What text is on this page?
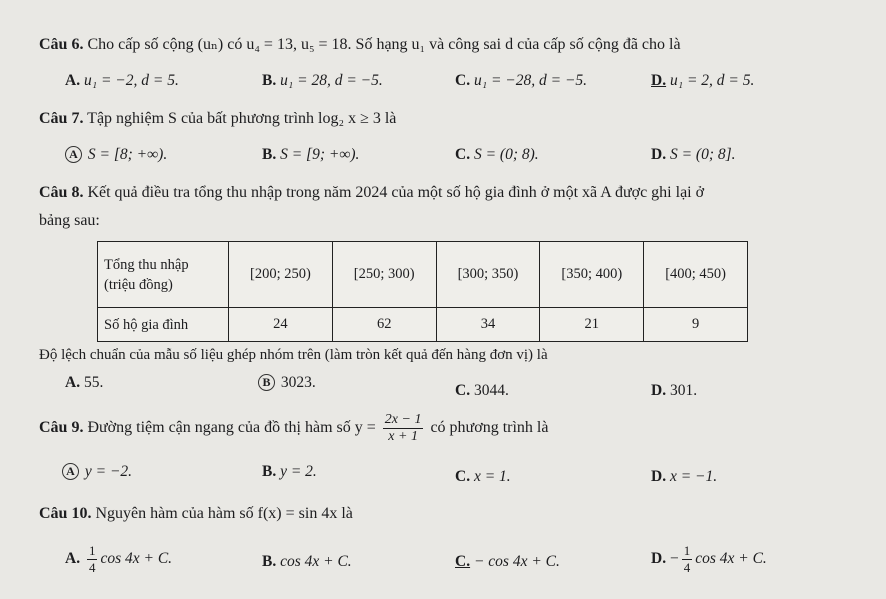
Câu 6. Cho cấp số cộng (uₙ) có u₄ = 13, u₅ = 18. Số hạng u₁ và công sai d của cấp số cộng đã cho là
A. u₁ = −2, d = 5.	B. u₁ = 28, d = −5.	C. u₁ = −28, d = −5.	D. u₁ = 2, d = 5.
Câu 7. Tập nghiệm S của bất phương trình log₂ x ≥ 3 là
A S = [8; +∞).	B. S = [9; +∞).	C. S = (0; 8).	D. S = (0; 8].
Câu 8. Kết quả điều tra tổng thu nhập trong năm 2024 của một số hộ gia đình ở một xã A được ghi lại ở
bảng sau:
Tổng thu nhập
(triệu đồng)	[200; 250)	[250; 300)	[300; 350)	[350; 400)	[400; 450)
Số hộ gia đình	24	62	34	21	9
Độ lệch chuẩn của mẫu số liệu ghép nhóm trên (làm tròn kết quả đến hàng đơn vị) là
A. 55.	B 3023.	C. 3044.	D. 301.
Câu 9. Đường tiệm cận ngang của đồ thị hàm số $y = \frac{2x - 1}{x + 1}$ có phương trình là
A y = −2.	B. y = 2.	C. x = 1.	D. x = −1.
Câu 10. Nguyên hàm của hàm số f(x) = sin 4x là
A. $\frac{1}{4}$ cos 4x + C.	B. cos 4x + C.	C. − cos 4x + C.	D. − $\frac{1}{4}$ cos 4x + C.
